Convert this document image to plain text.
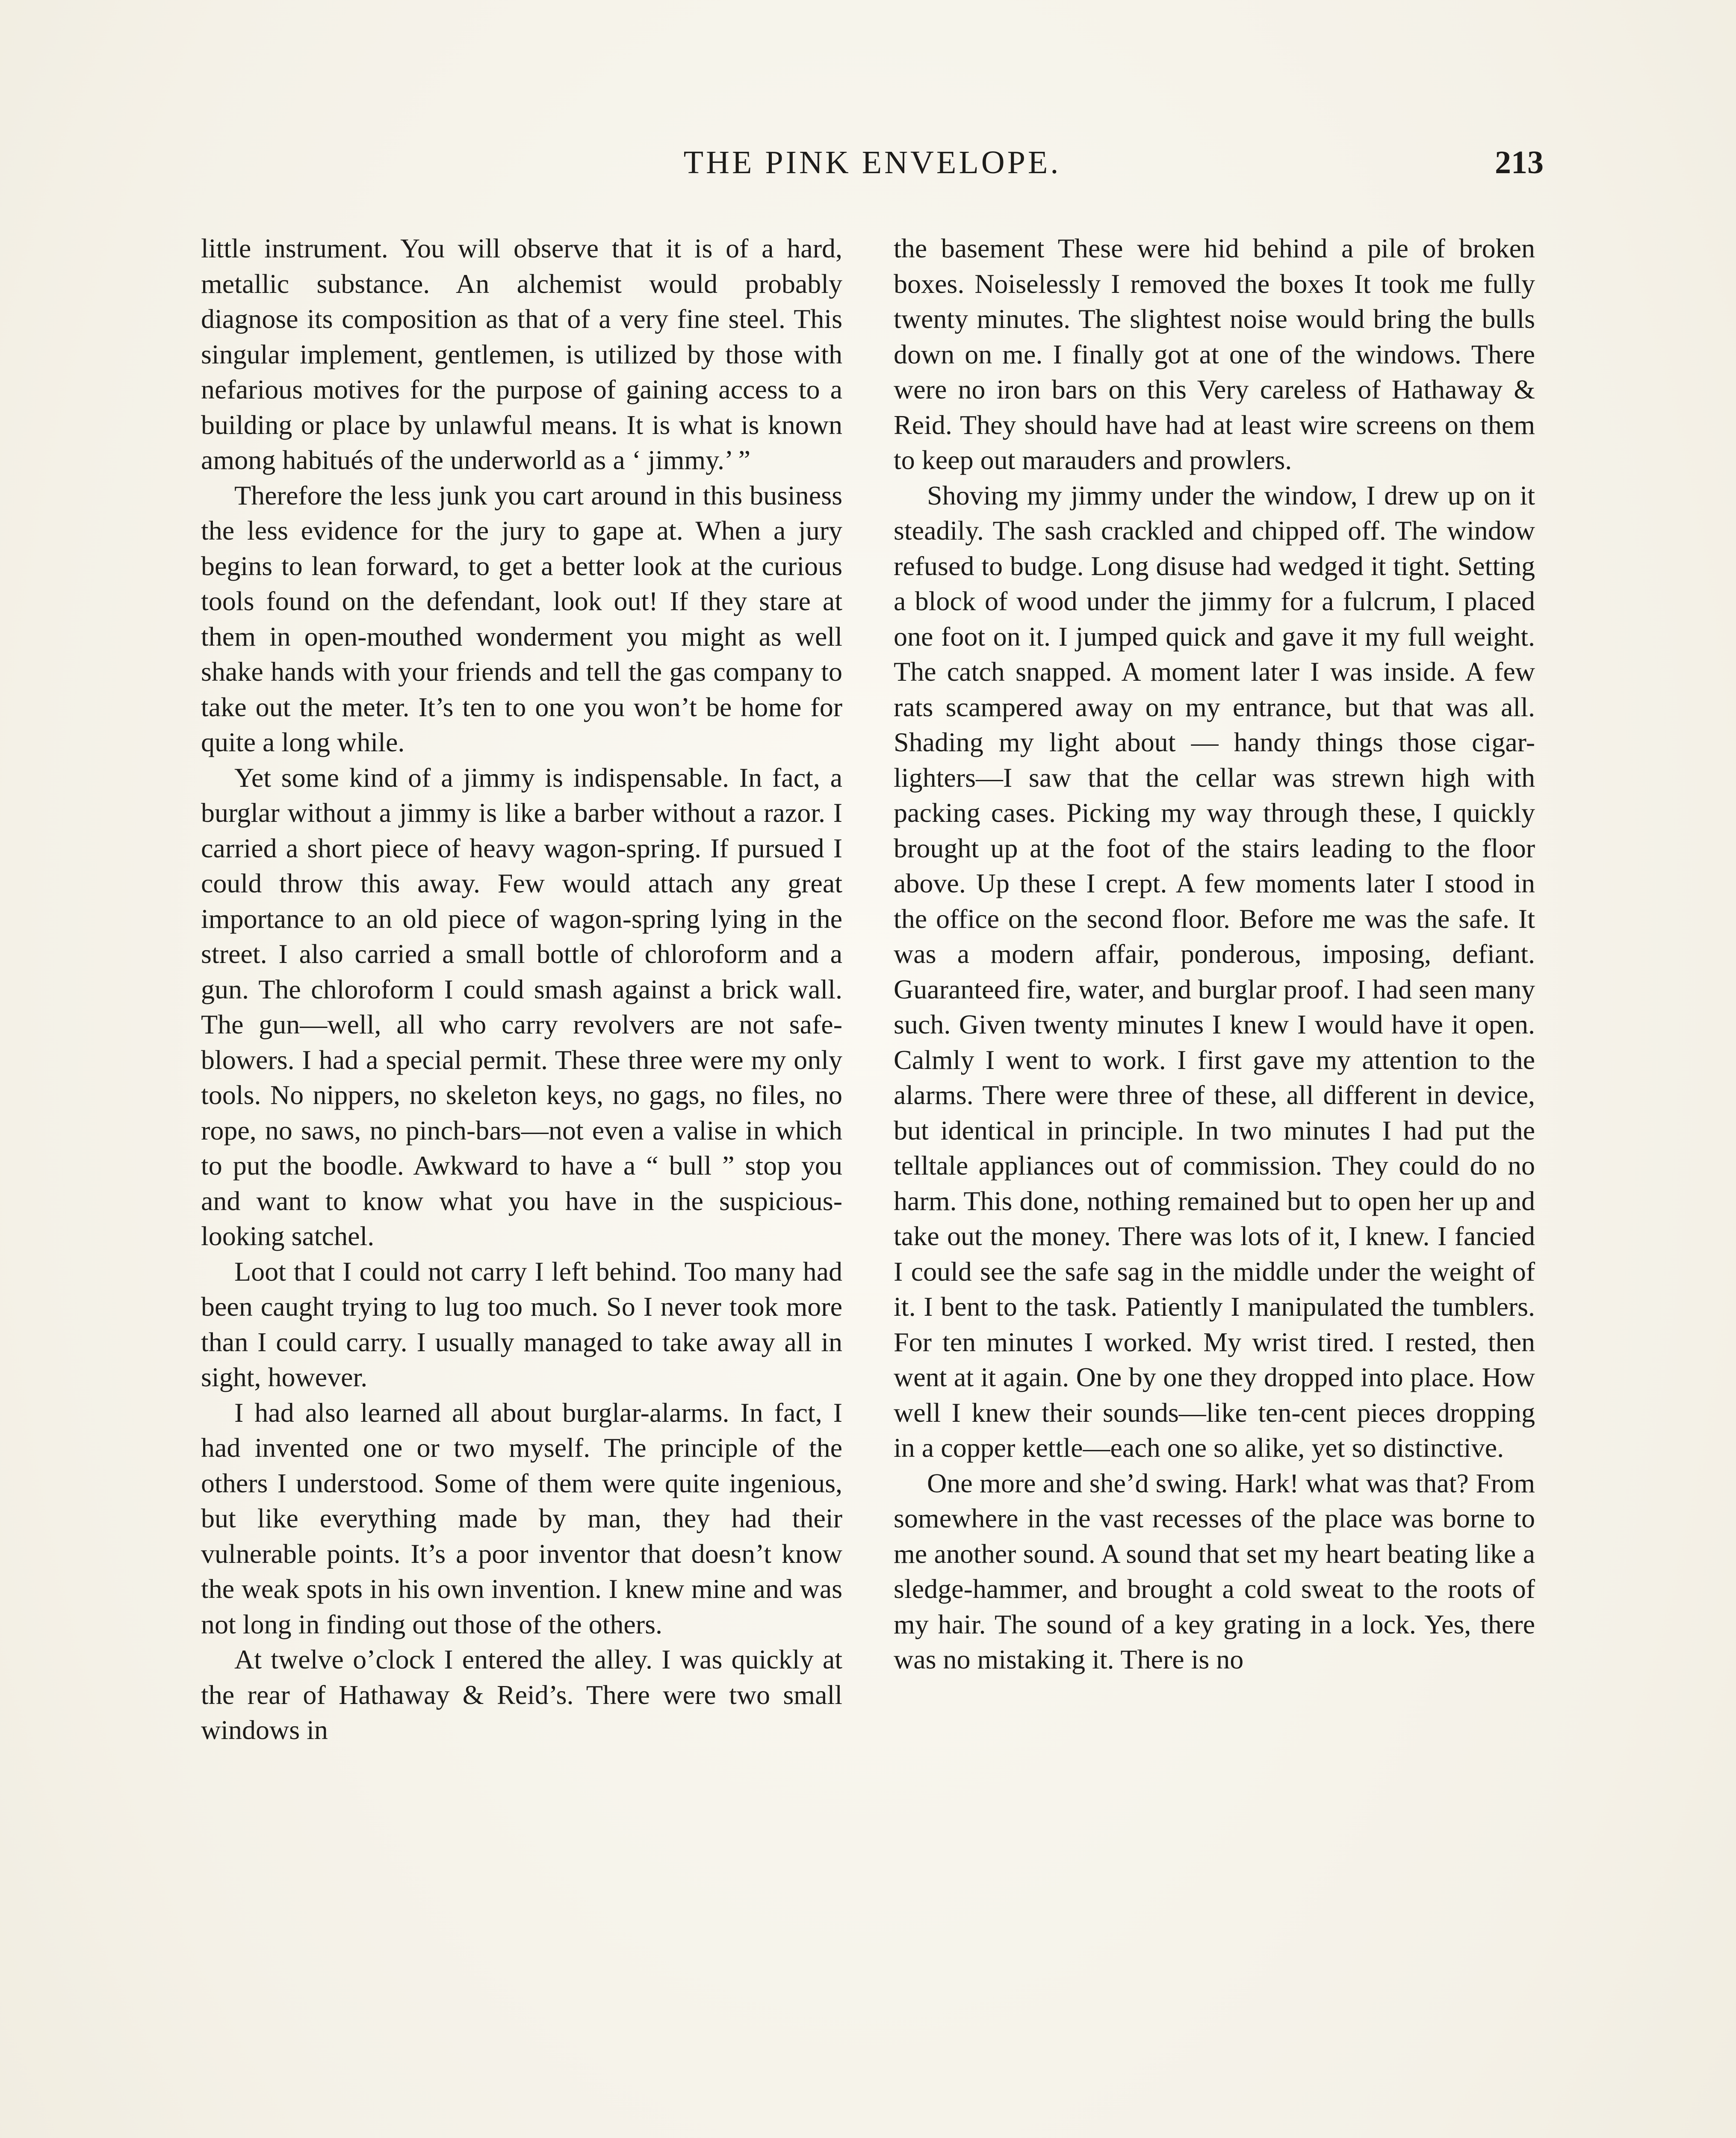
THE PINK ENVELOPE.	213

little instrument. You will observe that it is of a hard, metallic substance. An alchemist would probably diagnose its composition as that of a very fine steel. This singular implement, gentlemen, is utilized by those with nefarious motives for the purpose of gaining access to a building or place by unlawful means. It is what is known among habitués of the underworld as a ‘ jimmy.’ ”

Therefore the less junk you cart around in this business the less evidence for the jury to gape at. When a jury begins to lean forward, to get a better look at the curious tools found on the defendant, look out! If they stare at them in open-mouthed wonderment you might as well shake hands with your friends and tell the gas company to take out the meter. It’s ten to one you won’t be home for quite a long while.

Yet some kind of a jimmy is indispensable. In fact, a burglar without a jimmy is like a barber without a razor. I carried a short piece of heavy wagon-spring. If pursued I could throw this away. Few would attach any great importance to an old piece of wagon-spring lying in the street. I also carried a small bottle of chloroform and a gun. The chloroform I could smash against a brick wall. The gun—well, all who carry revolvers are not safe-blowers. I had a special permit. These three were my only tools. No nippers, no skeleton keys, no gags, no files, no rope, no saws, no pinch-bars—not even a valise in which to put the boodle. Awkward to have a “ bull ” stop you and want to know what you have in the suspicious-looking satchel.

Loot that I could not carry I left behind. Too many had been caught trying to lug too much. So I never took more than I could carry. I usually managed to take away all in sight, however.

I had also learned all about burglar-alarms. In fact, I had invented one or two myself. The principle of the others I understood. Some of them were quite ingenious, but like everything made by man, they had their vulnerable points. It’s a poor inventor that doesn’t know the weak spots in his own invention. I knew mine and was not long in finding out those of the others.

At twelve o’clock I entered the alley. I was quickly at the rear of Hathaway & Reid’s. There were two small windows in

the basement These were hid behind a pile of broken boxes. Noiselessly I removed the boxes It took me fully twenty minutes. The slightest noise would bring the bulls down on me. I finally got at one of the windows. There were no iron bars on this Very careless of Hathaway & Reid. They should have had at least wire screens on them to keep out marauders and prowlers.

Shoving my jimmy under the window, I drew up on it steadily. The sash crackled and chipped off. The window refused to budge. Long disuse had wedged it tight. Setting a block of wood under the jimmy for a fulcrum, I placed one foot on it. I jumped quick and gave it my full weight. The catch snapped. A moment later I was inside. A few rats scampered away on my entrance, but that was all. Shading my light about — handy things those cigar-lighters—I saw that the cellar was strewn high with packing cases. Picking my way through these, I quickly brought up at the foot of the stairs leading to the floor above. Up these I crept. A few moments later I stood in the office on the second floor. Before me was the safe. It was a modern affair, ponderous, imposing, defiant. Guaranteed fire, water, and burglar proof. I had seen many such. Given twenty minutes I knew I would have it open. Calmly I went to work. I first gave my attention to the alarms. There were three of these, all different in device, but identical in principle. In two minutes I had put the telltale appliances out of commission. They could do no harm. This done, nothing remained but to open her up and take out the money. There was lots of it, I knew. I fancied I could see the safe sag in the middle under the weight of it. I bent to the task. Patiently I manipulated the tumblers. For ten minutes I worked. My wrist tired. I rested, then went at it again. One by one they dropped into place. How well I knew their sounds—like ten-cent pieces dropping in a copper kettle—each one so alike, yet so distinctive.

One more and she’d swing. Hark! what was that? From somewhere in the vast recesses of the place was borne to me another sound. A sound that set my heart beating like a sledge-hammer, and brought a cold sweat to the roots of my hair. The sound of a key grating in a lock. Yes, there was no mistaking it. There is no
